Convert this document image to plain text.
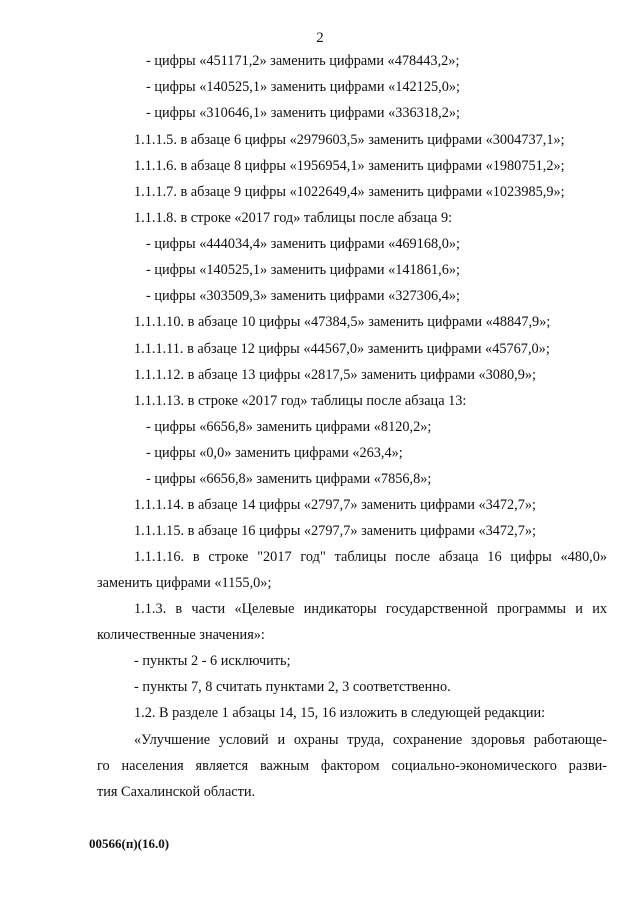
2
- цифры «451171,2» заменить цифрами «478443,2»;
- цифры «140525,1» заменить цифрами «142125,0»;
- цифры «310646,1» заменить цифрами «336318,2»;
1.1.1.5. в абзаце 6 цифры «2979603,5» заменить цифрами «3004737,1»;
1.1.1.6. в абзаце 8 цифры «1956954,1» заменить цифрами «1980751,2»;
1.1.1.7. в абзаце 9 цифры «1022649,4» заменить цифрами «1023985,9»;
1.1.1.8. в строке «2017 год» таблицы после абзаца 9:
- цифры «444034,4» заменить цифрами «469168,0»;
- цифры «140525,1» заменить цифрами «141861,6»;
- цифры «303509,3» заменить цифрами «327306,4»;
1.1.1.10. в абзаце 10 цифры «47384,5» заменить цифрами «48847,9»;
1.1.1.11. в абзаце 12 цифры «44567,0» заменить цифрами «45767,0»;
1.1.1.12. в абзаце 13 цифры «2817,5» заменить цифрами «3080,9»;
1.1.1.13. в строке «2017 год» таблицы после абзаца 13:
- цифры «6656,8» заменить цифрами «8120,2»;
- цифры «0,0» заменить цифрами «263,4»;
- цифры «6656,8» заменить цифрами «7856,8»;
1.1.1.14. в абзаце 14 цифры «2797,7» заменить цифрами «3472,7»;
1.1.1.15. в абзаце 16 цифры «2797,7» заменить цифрами «3472,7»;
1.1.1.16. в строке "2017 год" таблицы после абзаца 16 цифры «480,0»
заменить цифрами «1155,0»;
1.1.3. в части «Целевые индикаторы государственной программы и их
количественные значения»:
- пункты 2 - 6 исключить;
- пункты 7, 8 считать пунктами 2, 3 соответственно.
1.2. В разделе 1 абзацы 14, 15, 16 изложить в следующей редакции:
«Улучшение условий и охраны труда, сохранение здоровья работающе-
го населения является важным фактором социально-экономического разви-
тия Сахалинской области.
00566(п)(16.0)
